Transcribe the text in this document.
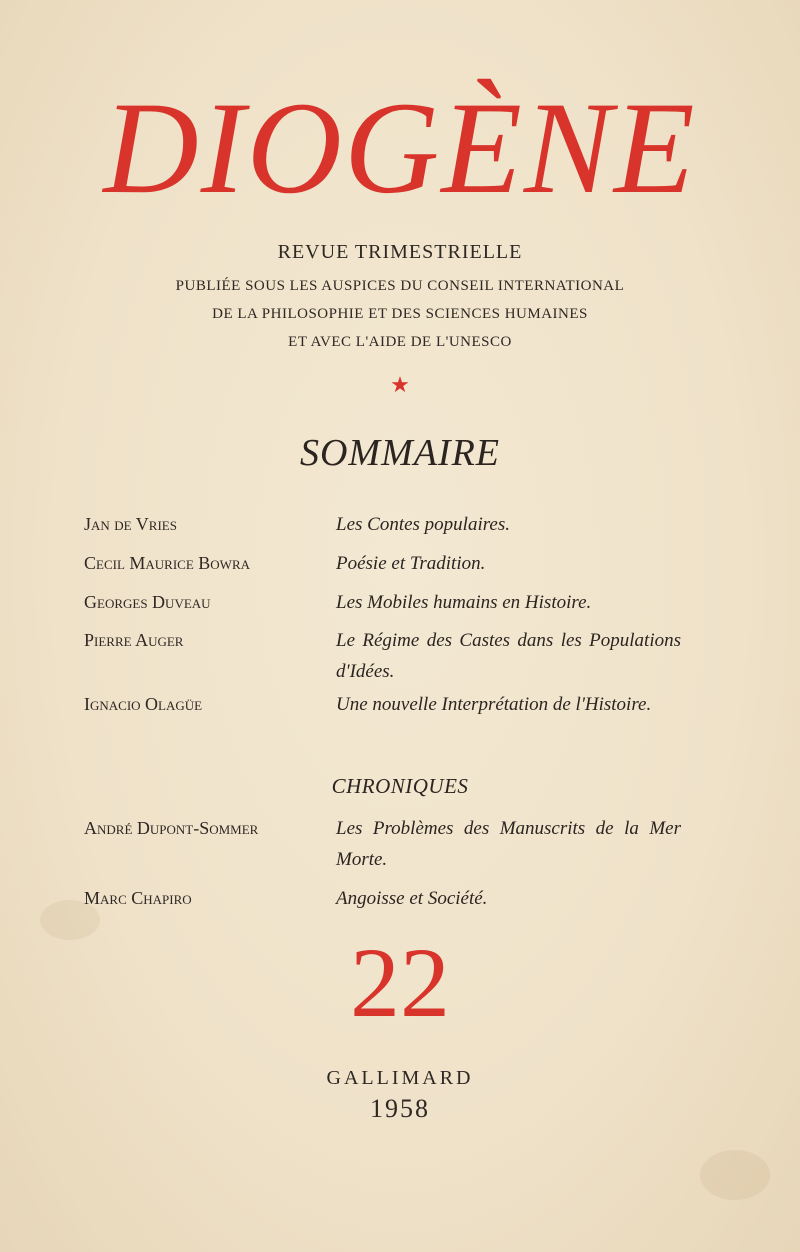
DIOGÈNE
REVUE TRIMESTRIELLE
PUBLIÉE SOUS LES AUSPICES DU CONSEIL INTERNATIONAL
DE LA PHILOSOPHIE ET DES SCIENCES HUMAINES
ET AVEC L'AIDE DE L'UNESCO
★
SOMMAIRE
Jan de Vries	Les Contes populaires.
Cecil Maurice Bowra	Poésie et Tradition.
Georges Duveau	Les Mobiles humains en Histoire.
Pierre Auger	Le Régime des Castes dans les Populations d'Idées.
Ignacio Olagüe	Une nouvelle Interprétation de l'Histoire.
CHRONIQUES
André Dupont-Sommer	Les Problèmes des Manuscrits de la Mer Morte.
Marc Chapiro	Angoisse et Société.
22
GALLIMARD
1958
